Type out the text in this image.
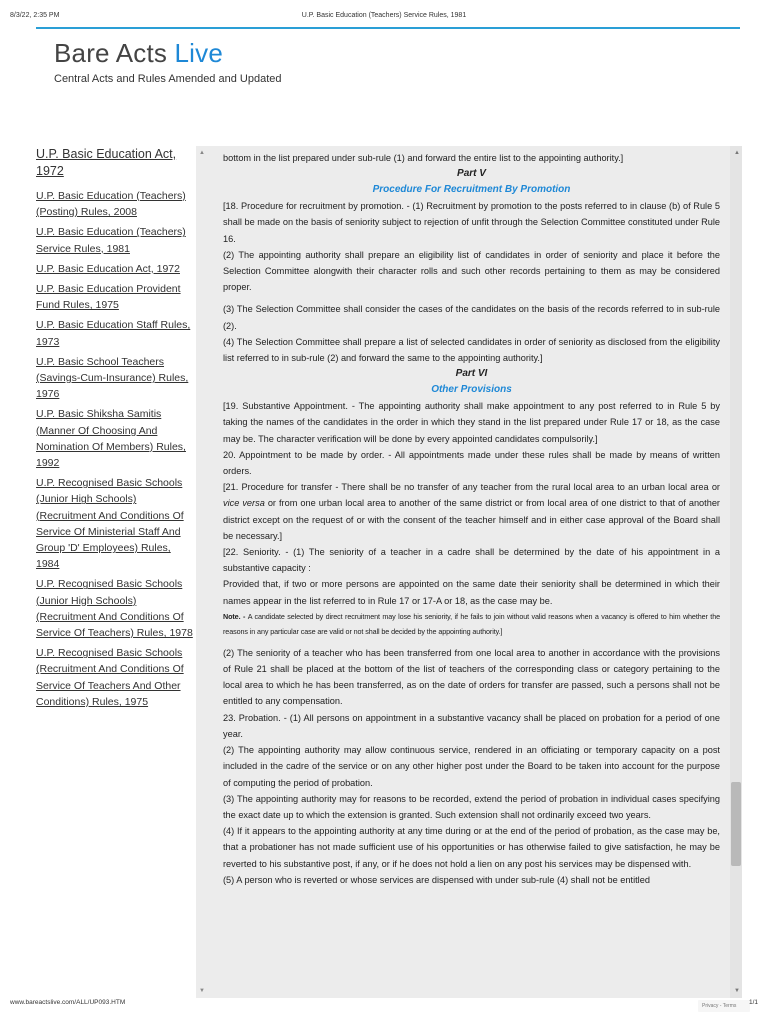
8/3/22, 2:35 PM	U.P. Basic Education (Teachers) Service Rules, 1981
Bare Acts Live
Central Acts and Rules Amended and Updated
U.P. Basic Education Act, 1972
U.P. Basic Education (Teachers) (Posting) Rules, 2008
U.P. Basic Education (Teachers) Service Rules, 1981
U.P. Basic Education Act, 1972
U.P. Basic Education Provident Fund Rules, 1975
U.P. Basic Education Staff Rules, 1973
U.P. Basic School Teachers (Savings-Cum-Insurance) Rules, 1976
U.P. Basic Shiksha Samitis (Manner Of Choosing And Nomination Of Members) Rules, 1992
U.P. Recognised Basic Schools (Junior High Schools) (Recruitment And Conditions Of Service Of Ministerial Staff And Group 'D' Employees) Rules, 1984
U.P. Recognised Basic Schools (Junior High Schools) (Recruitment And Conditions Of Service Of Teachers) Rules, 1978
U.P. Recognised Basic Schools (Recruitment And Conditions Of Service Of Teachers And Other Conditions) Rules, 1975
▲
▼

bottom in the list prepared under sub-rule (1) and forward the entire list to the appointing authority.]

Part V

Procedure For Recruitment By Promotion

[18. Procedure for recruitment by promotion. - (1) Recruitment by promotion to the posts referred to in clause (b) of Rule 5 shall be made on the basis of seniority subject to rejection of unfit through the Selection Committee constituted under Rule 16.

(2) The appointing authority shall prepare an eligibility list of candidates in order of seniority and place it before the Selection Committee alongwith their character rolls and such other records pertaining to them as may be considered proper.

(3) The Selection Committee shall consider the cases of the candidates on the basis of the records referred to in sub-rule (2).

(4) The Selection Committee shall prepare a list of selected candidates in order of seniority as disclosed from the eligibility list referred to in sub-rule (2) and forward the same to the appointing authority.]

Part VI

Other Provisions

[19. Substantive Appointment. - The appointing authority shall make appointment to any post referred to in Rule 5 by taking the names of the candidates in the order in which they stand in the list prepared under Rule 17 or 18, as the case may be. The character verification will be done by every appointed candidates compulsorily.]

20. Appointment to be made by order. - All appointments made under these rules shall be made by means of written orders.

[21. Procedure for transfer - There shall be no transfer of any teacher from the rural local area to an urban local area or vice versa or from one urban local area to another of the same district or from local area of one district to that of another district except on the request of or with the consent of the teacher himself and in either case approval of the Board shall be necessary.]

[22. Seniority. - (1) The seniority of a teacher in a cadre shall be determined by the date of his appointment in a substantive capacity :

Provided that, if two or more persons are appointed on the same date their seniority shall be determined in which their names appear in the list referred to in Rule 17 or 17-A or 18, as the case may be.

Note. - A candidate selected by direct recruitment may lose his seniority, if he fails to join without valid reasons when a vacancy is offered to him whether the reasons in any particular case are valid or not shall be decided by the appointing authority.]

(2) The seniority of a teacher who has been transferred from one local area to another in accordance with the provisions of Rule 21 shall be placed at the bottom of the list of teachers of the corresponding class or category pertaining to the local area to which he has been transferred, as on the date of orders for transfer are passed, such a persons shall not be entitled to any compensation.

23. Probation. - (1) All persons on appointment in a substantive vacancy shall be placed on probation for a period of one year.

(2) The appointing authority may allow continuous service, rendered in an officiating or temporary capacity on a post included in the cadre of the service or on any other higher post under the Board to be taken into account for the purpose of computing the period of probation.

(3) The appointing authority may for reasons to be recorded, extend the period of probation in individual cases specifying the exact date up to which the extension is granted. Such extension shall not ordinarily exceed two years.

(4) If it appears to the appointing authority at any time during or at the end of the period of probation, as the case may be, that a probationer has not made sufficient use of his opportunities or has otherwise failed to give satisfaction, he may be reverted to his substantive post, if any, or if he does not hold a lien on any post his services may be dispensed with.

(5) A person who is reverted or whose services are dispensed with under sub-rule (4) shall not be entitled

▲
▼
Privacy - Terms
www.bareactslive.com/ALL/UP093.HTM	1/1
